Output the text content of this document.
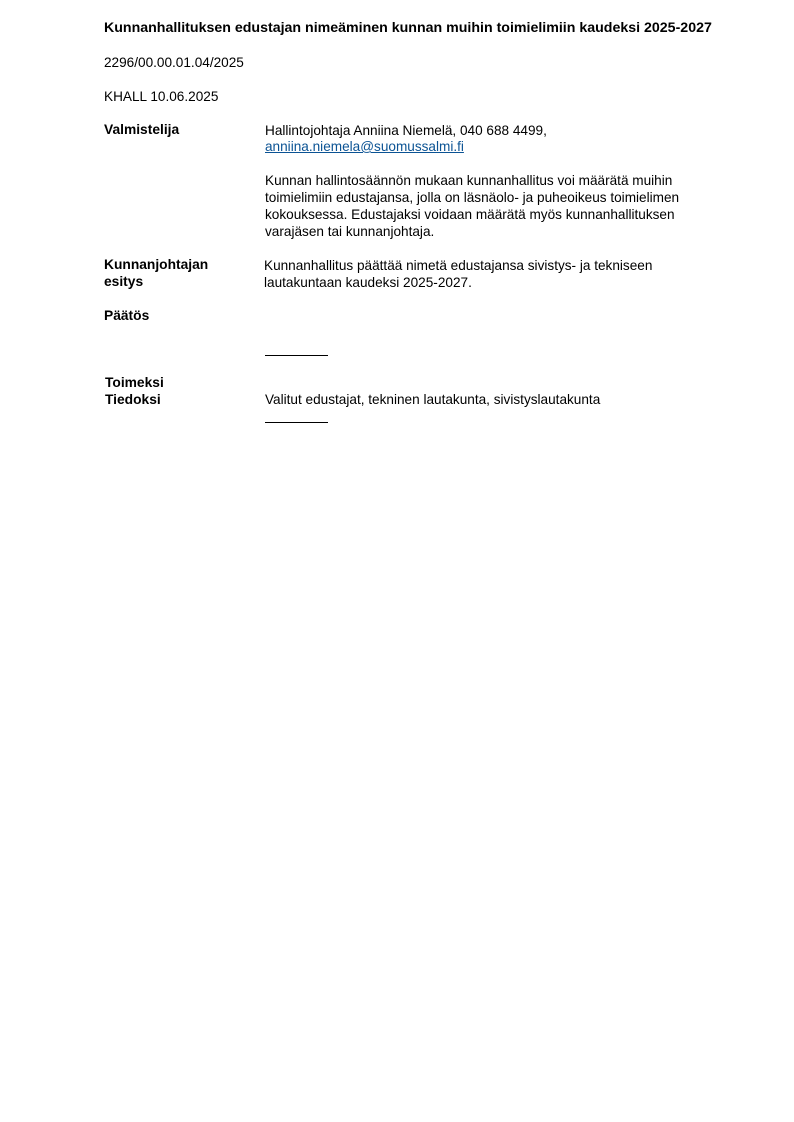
Kunnanhallituksen edustajan nimeäminen kunnan muihin toimielimiin kaudeksi 2025-2027
2296/00.00.01.04/2025
KHALL 10.06.2025
Valmistelija	Hallintojohtaja Anniina Niemelä, 040 688 4499,
anniina.niemela@suomussalmi.fi
Kunnan hallintosäännön mukaan kunnanhallitus voi määrätä muihin
toimielimiin edustajansa, jolla on läsnäolo- ja puheoikeus toimielimen
kokouksessa. Edustajaksi voidaan määrätä myös kunnanhallituksen
varajäsen tai kunnanjohtaja.
Kunnanjohtajan
esitys
Kunnanhallitus päättää nimetä edustajansa sivistys- ja tekniseen
lautakuntaan kaudeksi 2025-2027.
Päätös
Toimeksi
Tiedoksi	Valitut edustajat, tekninen lautakunta, sivistyslautakunta
